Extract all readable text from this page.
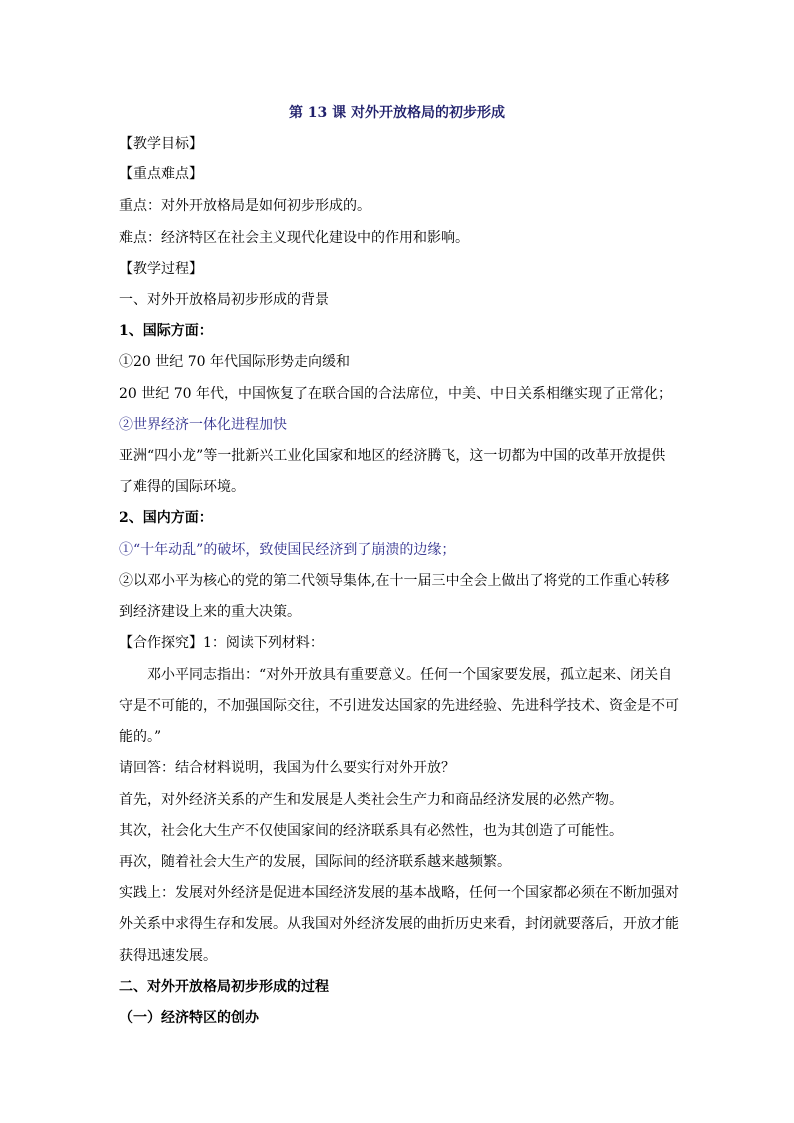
第 13 课 对外开放格局的初步形成
【教学目标】
【重点难点】
重点：对外开放格局是如何初步形成的。
难点：经济特区在社会主义现代化建设中的作用和影响。
【教学过程】
一、对外开放格局初步形成的背景
1、国际方面：
①20 世纪 70 年代国际形势走向缓和
20 世纪 70 年代，中国恢复了在联合国的合法席位，中美、中日关系相继实现了正常化；
②世界经济一体化进程加快
亚洲“四小龙”等一批新兴工业化国家和地区的经济腾飞，这一切都为中国的改革开放提供
了难得的国际环境。
2、国内方面：
①“十年动乱”的破坏，致使国民经济到了崩溃的边缘；
②以邓小平为核心的党的第二代领导集体,在十一届三中全会上做出了将党的工作重心转移
到经济建设上来的重大决策。
【合作探究】1：阅读下列材料：
邓小平同志指出：“对外开放具有重要意义。任何一个国家要发展，孤立起来、闭关自
守是不可能的，不加强国际交往，不引进发达国家的先进经验、先进科学技术、资金是不可
能的。”
请回答：结合材料说明，我国为什么要实行对外开放？
首先，对外经济关系的产生和发展是人类社会生产力和商品经济发展的必然产物。
其次，社会化大生产不仅使国家间的经济联系具有必然性，也为其创造了可能性。
再次，随着社会大生产的发展，国际间的经济联系越来越频繁。
实践上：发展对外经济是促进本国经济发展的基本战略，任何一个国家都必须在不断加强对
外关系中求得生存和发展。从我国对外经济发展的曲折历史来看，封闭就要落后，开放才能
获得迅速发展。
二、对外开放格局初步形成的过程
（一）经济特区的创办
